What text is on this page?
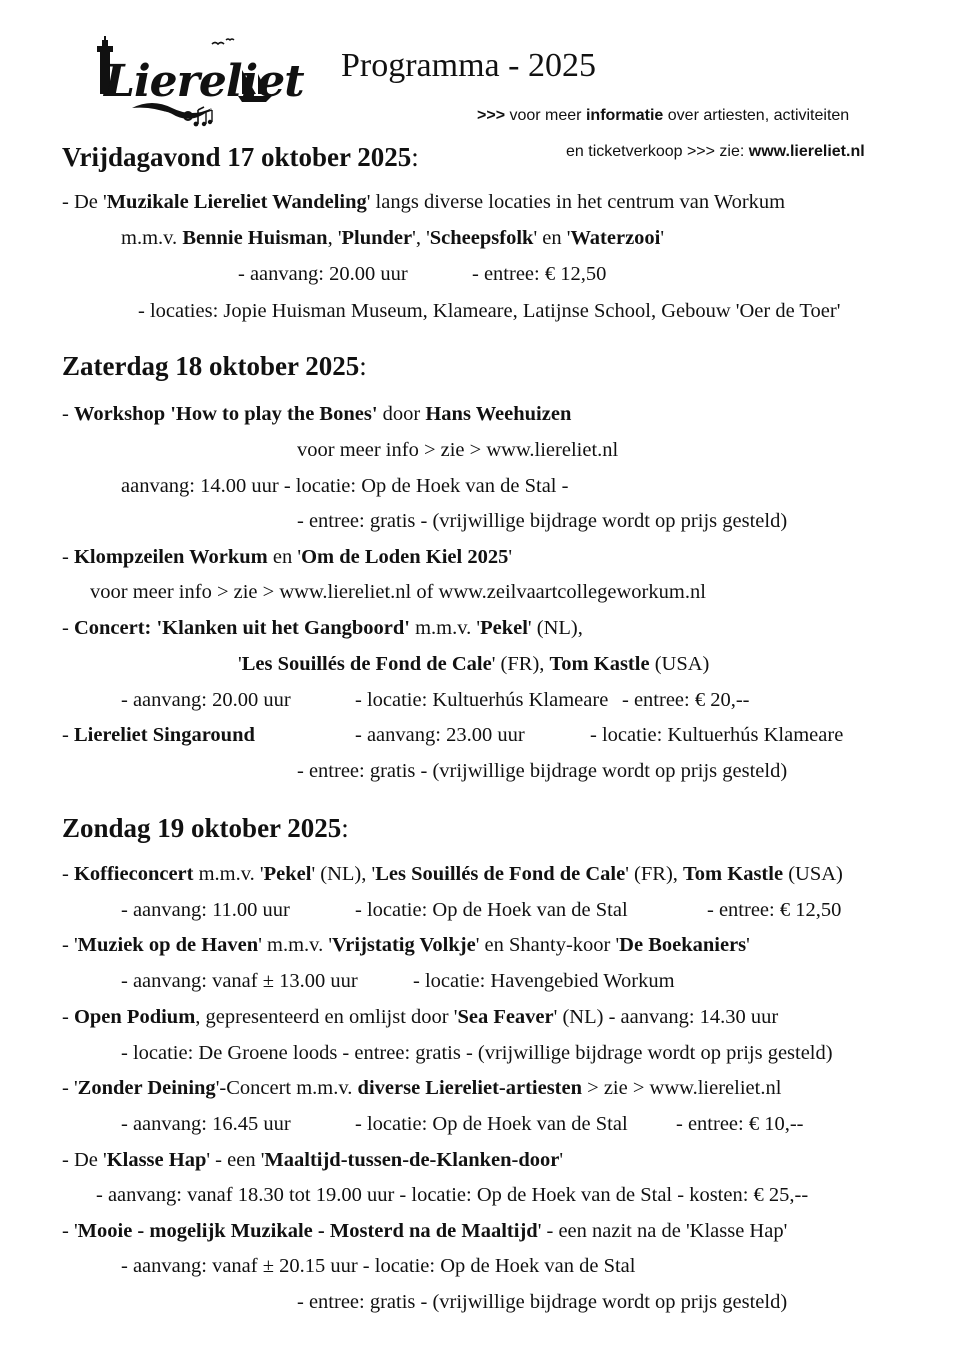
Liereliet Programma - 2025
>>> voor meer informatie over artiesten, activiteiten
en ticketverkoop >>> zie: www.liereliet.nl
Vrijdagavond 17 oktober 2025:
- De 'Muzikale Liereliet Wandeling' langs diverse locaties in het centrum van Workum
m.m.v. Bennie Huisman, 'Plunder', 'Scheepsfolk' en 'Waterzooi'
- aanvang: 20.00 uur	- entree: € 12,50
- locaties: Jopie Huisman Museum, Klameare, Latijnse School, Gebouw 'Oer de Toer'
Zaterdag 18 oktober 2025:
- Workshop 'How to play the Bones' door Hans Weehuizen
voor meer info > zie > www.liereliet.nl
aanvang: 14.00 uur - locatie: Op de Hoek van de Stal -
- entree: gratis - (vrijwillige bijdrage wordt op prijs gesteld)
- Klompzeilen Workum en 'Om de Loden Kiel 2025'
voor meer info > zie > www.liereliet.nl of www.zeilvaartcollegeworkum.nl
- Concert: 'Klanken uit het Gangboord' m.m.v. 'Pekel' (NL),
'Les Souillés de Fond de Cale' (FR), Tom Kastle (USA)
- aanvang: 20.00 uur	- locatie: Kultuerhús Klameare - entree: € 20,--
- Liereliet Singaround	- aanvang: 23.00 uur	- locatie: Kultuerhús Klameare
- entree: gratis - (vrijwillige bijdrage wordt op prijs gesteld)
Zondag 19 oktober 2025:
- Koffieconcert m.m.v. 'Pekel' (NL), 'Les Souillés de Fond de Cale' (FR), Tom Kastle (USA)
- aanvang: 11.00 uur	- locatie: Op de Hoek van de Stal	- entree: € 12,50
- 'Muziek op de Haven' m.m.v. 'Vrijstatig Volkje' en Shanty-koor 'De Boekaniers'
- aanvang: vanaf ± 13.00 uur	- locatie: Havengebied Workum
- Open Podium, gepresenteerd en omlijst door 'Sea Feaver' (NL) - aanvang: 14.30 uur
- locatie: De Groene loods - entree: gratis - (vrijwillige bijdrage wordt op prijs gesteld)
- 'Zonder Deining'-Concert m.m.v. diverse Liereliet-artiesten > zie > www.liereliet.nl
- aanvang: 16.45 uur	- locatie: Op de Hoek van de Stal - entree: € 10,--
- De 'Klasse Hap' - een 'Maaltijd-tussen-de-Klanken-door'
- aanvang: vanaf 18.30 tot 19.00 uur - locatie: Op de Hoek van de Stal - kosten: € 25,--
- 'Mooie - mogelijk Muzikale - Mosterd na de Maaltijd' - een nazit na de 'Klasse Hap'
- aanvang: vanaf ± 20.15 uur - locatie: Op de Hoek van de Stal
- entree: gratis - (vrijwillige bijdrage wordt op prijs gesteld)
